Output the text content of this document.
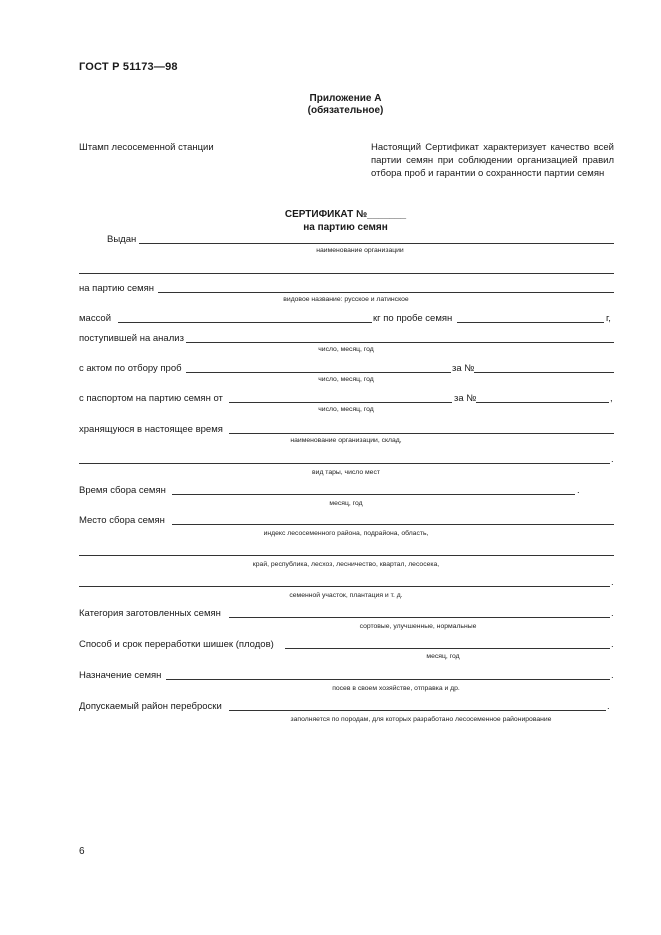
ГОСТ Р 51173—98
Приложение А
(обязательное)
Штамп лесосеменной станции	Настоящий Сертификат характеризует качество всей партии семян при соблюдении организацией правил отбора проб и гарантии о сохранности партии семян
СЕРТИФИКАТ №_______
на партию семян
Выдан
наименование организации
на партию семян
видовое название: русское и латинское
массой	кг по пробе семян	г,
поступившей на анализ
число, месяц, год
с актом по отбору проб	за №
число, месяц, год
с паспортом на партию семян от	за №	,
число, месяц, год
хранящуюся в настоящее время
наименование организации, склад,
.
вид тары, число мест
Время сбора семян	.
месяц, год
Место сбора семян
индекс лесосеменного района, подрайона, область,
край, республика, лесхоз, лесничество, квартал, лесосека,
.
семенной участок, плантация и т. д.
Категория заготовленных семян	.
сортовые, улучшенные, нормальные
Способ и срок переработки шишек (плодов)	.
месяц, год
Назначение семян	.
посев в своем хозяйстве, отправка и др.
Допускаемый район переброски	.
заполняется по породам, для которых разработано лесосеменное районирование
6
